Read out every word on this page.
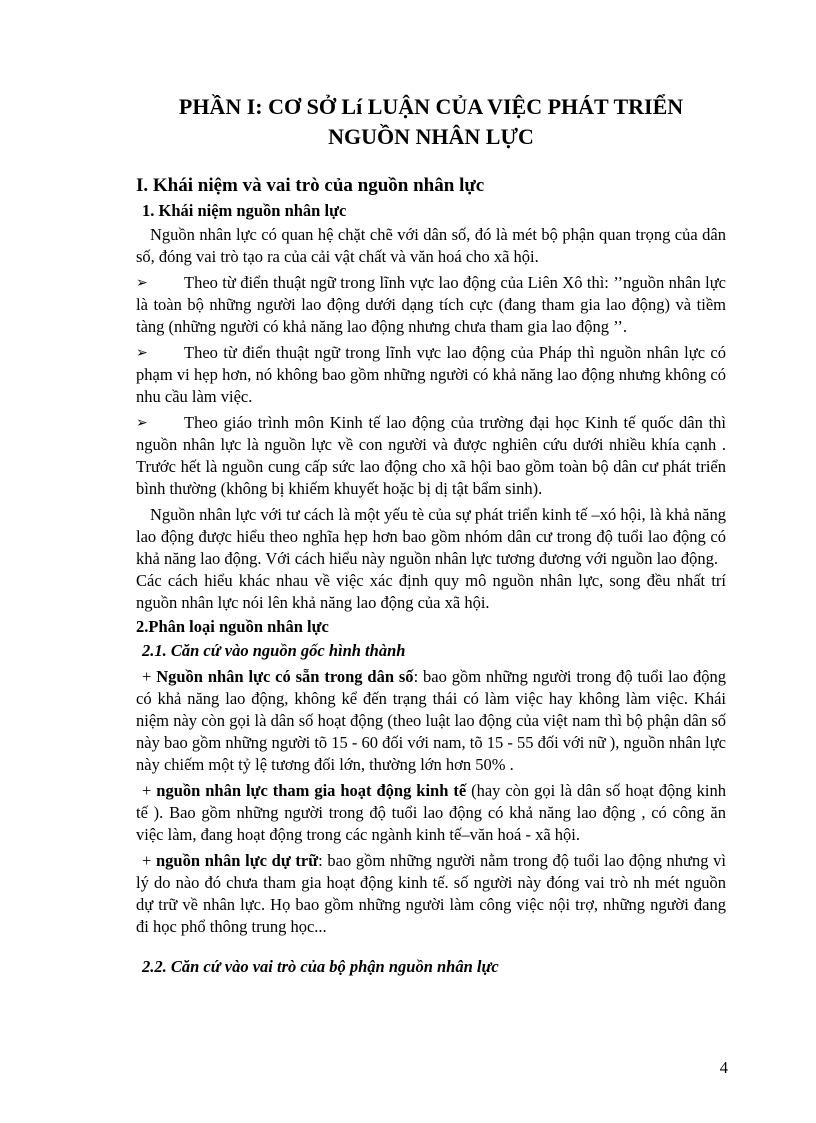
PHẦN I: CƠ SỞ Lí LUẬN CỦA VIỆC PHÁT TRIỂN
NGUỒN NHÂN LỰC
I. Khái niệm và vai trò của nguồn nhân lực
1. Khái niệm nguồn nhân lực

Nguồn nhân lực có quan hệ chặt chẽ với dân số, đó là mét bộ phận quan trọng của dân số, đóng vai trò tạo ra của cải vật chất và văn hoá cho xã hội.

➢ Theo từ điển thuật ngữ trong lĩnh vực lao động của Liên Xô thì: ’’nguồn nhân lực là toàn bộ những người lao động dưới dạng tích cực (đang tham gia lao động) và tiềm tàng (những người có khả năng lao động nhưng chưa tham gia lao động ’’.

➢ Theo từ điển thuật ngữ trong lĩnh vực lao động của Pháp thì nguồn nhân lực có phạm vi hẹp hơn, nó không bao gồm những người có khả năng lao động nhưng không có nhu cầu làm việc.

➢ Theo giáo trình môn Kinh tế lao động của trường đại học Kinh tế quốc dân thì nguồn nhân lực là nguồn lực về con người và được nghiên cứu dưới nhiều khía cạnh . Trước hết là nguồn cung cấp sức lao động cho xã hội bao gồm toàn bộ dân cư phát triển bình thường (không bị khiếm khuyết hoặc bị dị tật bẩm sinh).

Nguồn nhân lực với tư cách là một yếu tè của sự phát triển kinh tế –xó hội, là khả năng lao động được hiểu theo nghĩa hẹp hơn bao gồm nhóm dân cư trong độ tuổi lao động có khả năng lao động. Với cách hiểu này nguồn nhân lực tương đương với nguồn lao động.

Các cách hiểu khác nhau về việc xác định quy mô nguồn nhân lực, song đều nhất trí nguồn nhân lực nói lên khả năng lao động của xã hội.

2.Phân loại nguồn nhân lực
2.1. Căn cứ vào nguồn gốc hình thành

+ Nguồn nhân lực có sẵn trong dân số: bao gồm những người trong độ tuổi lao động có khả năng lao động, không kể đến trạng thái có làm việc hay không làm việc. Khái niệm này còn gọi là dân số hoạt động (theo luật lao động của việt nam thì bộ phận dân số này bao gồm những người tõ 15 - 60 đối với nam, tõ 15 - 55 đối với nữ ), nguồn nhân lực này chiếm một tỷ lệ tương đối lớn, thường lớn hơn 50% .

+ nguồn nhân lực tham gia hoạt động kinh tế (hay còn gọi là dân số hoạt động kinh tế ). Bao gồm những người trong độ tuổi lao động có khả năng lao động , có công ăn việc làm, đang hoạt động trong các ngành kinh tế–văn hoá - xã hội.

+ nguồn nhân lực dự trữ: bao gồm những người nằm trong độ tuổi lao động nhưng vì lý do nào đó chưa tham gia hoạt động kinh tế. số người này đóng vai trò nh mét nguồn dự trữ về nhân lực. Họ bao gồm những người làm công việc nội trợ, những người đang đi học phổ thông trung học...

2.2. Căn cứ vào vai trò của bộ phận nguồn nhân lực
4
